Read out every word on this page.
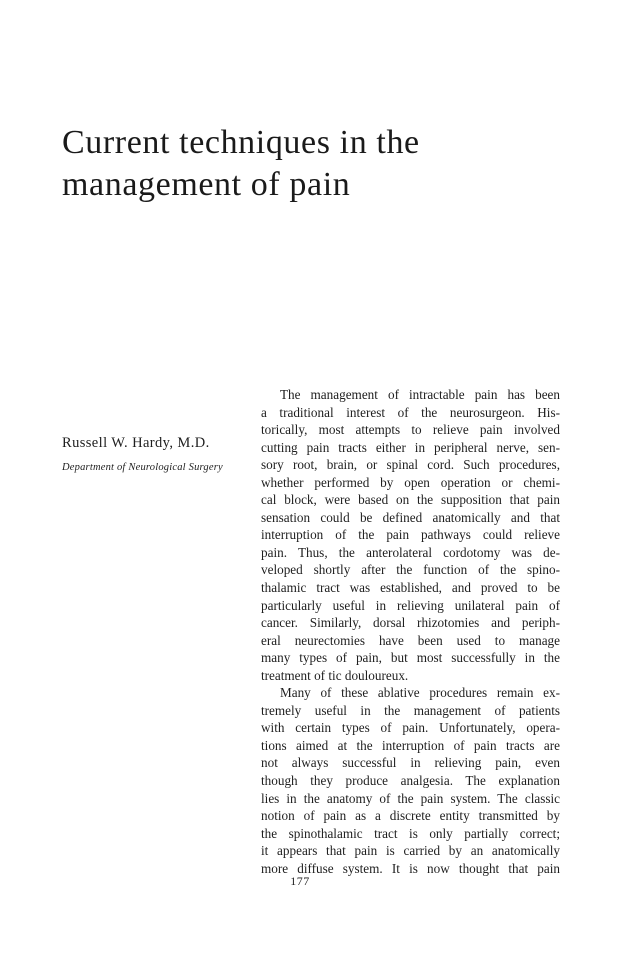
Current techniques in the
management of pain
Russell W. Hardy, M.D.
Department of Neurological Surgery
The management of intractable pain has been
a traditional interest of the neurosurgeon. His-
torically, most attempts to relieve pain involved
cutting pain tracts either in peripheral nerve, sen-
sory root, brain, or spinal cord. Such procedures,
whether performed by open operation or chemi-
cal block, were based on the supposition that pain
sensation could be defined anatomically and that
interruption of the pain pathways could relieve
pain. Thus, the anterolateral cordotomy was de-
veloped shortly after the function of the spino-
thalamic tract was established, and proved to be
particularly useful in relieving unilateral pain of
cancer. Similarly, dorsal rhizotomies and periph-
eral neurectomies have been used to manage
many types of pain, but most successfully in the
treatment of tic douloureux.
Many of these ablative procedures remain ex-
tremely useful in the management of patients
with certain types of pain. Unfortunately, opera-
tions aimed at the interruption of pain tracts are
not always successful in relieving pain, even
though they produce analgesia. The explanation
lies in the anatomy of the pain system. The classic
notion of pain as a discrete entity transmitted by
the spinothalamic tract is only partially correct;
it appears that pain is carried by an anatomically
more diffuse system. It is now thought that pain
177
